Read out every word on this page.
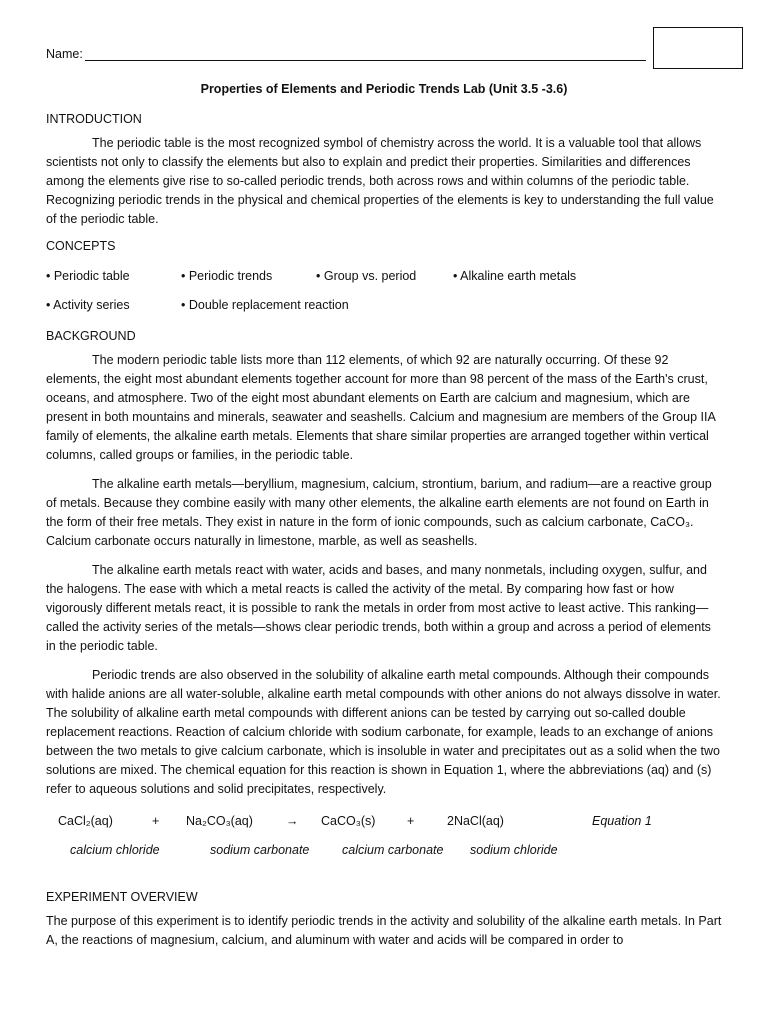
Name:
Properties of Elements and Periodic Trends Lab (Unit 3.5 -3.6)
INTRODUCTION

The periodic table is the most recognized symbol of chemistry across the world. It is a valuable tool that allows scientists not only to classify the elements but also to explain and predict their properties. Similarities and differences among the elements give rise to so-called periodic trends, both across rows and within columns of the periodic table. Recognizing periodic trends in the physical and chemical properties of the elements is key to understanding the full value of the periodic table.

CONCEPTS
• Periodic table	• Periodic trends	• Group vs. period	• Alkaline earth metals
• Activity series	• Double replacement reaction
BACKGROUND

The modern periodic table lists more than 112 elements, of which 92 are naturally occurring. Of these 92 elements, the eight most abundant elements together account for more than 98 percent of the mass of the Earth's crust, oceans, and atmosphere. Two of the eight most abundant elements on Earth are calcium and magnesium, which are present in both mountains and minerals, seawater and seashells. Calcium and magnesium are members of the Group IIA family of elements, the alkaline earth metals. Elements that share similar properties are arranged together within vertical columns, called groups or families, in the periodic table.

The alkaline earth metals—beryllium, magnesium, calcium, strontium, barium, and radium—are a reactive group of metals. Because they combine easily with many other elements, the alkaline earth elements are not found on Earth in the form of their free metals. They exist in nature in the form of ionic compounds, such as calcium carbonate, CaCO₃. Calcium carbonate occurs naturally in limestone, marble, as well as seashells.

The alkaline earth metals react with water, acids and bases, and many nonmetals, including oxygen, sulfur, and the halogens. The ease with which a metal reacts is called the activity of the metal. By comparing how fast or how vigorously different metals react, it is possible to rank the metals in order from most active to least active. This ranking—called the activity series of the metals—shows clear periodic trends, both within a group and across a period of elements in the periodic table.

Periodic trends are also observed in the solubility of alkaline earth metal compounds. Although their compounds with halide anions are all water-soluble, alkaline earth metal compounds with other anions do not always dissolve in water. The solubility of alkaline earth metal compounds with different anions can be tested by carrying out so-called double replacement reactions. Reaction of calcium chloride with sodium carbonate, for example, leads to an exchange of anions between the two metals to give calcium carbonate, which is insoluble in water and precipitates out as a solid when the two solutions are mixed. The chemical equation for this reaction is shown in Equation 1, where the abbreviations (aq) and (s) refer to aqueous solutions and solid precipitates, respectively.

CaCl₂(aq)	+	Na₂CO₃(aq)	→	CaCO₃(s)	+	2NaCl(aq)	Equation 1
calcium chloride	sodium carbonate	calcium carbonate	sodium chloride
EXPERIMENT OVERVIEW

The purpose of this experiment is to identify periodic trends in the activity and solubility of the alkaline earth metals. In Part A, the reactions of magnesium, calcium, and aluminum with water and acids will be compared in order to
